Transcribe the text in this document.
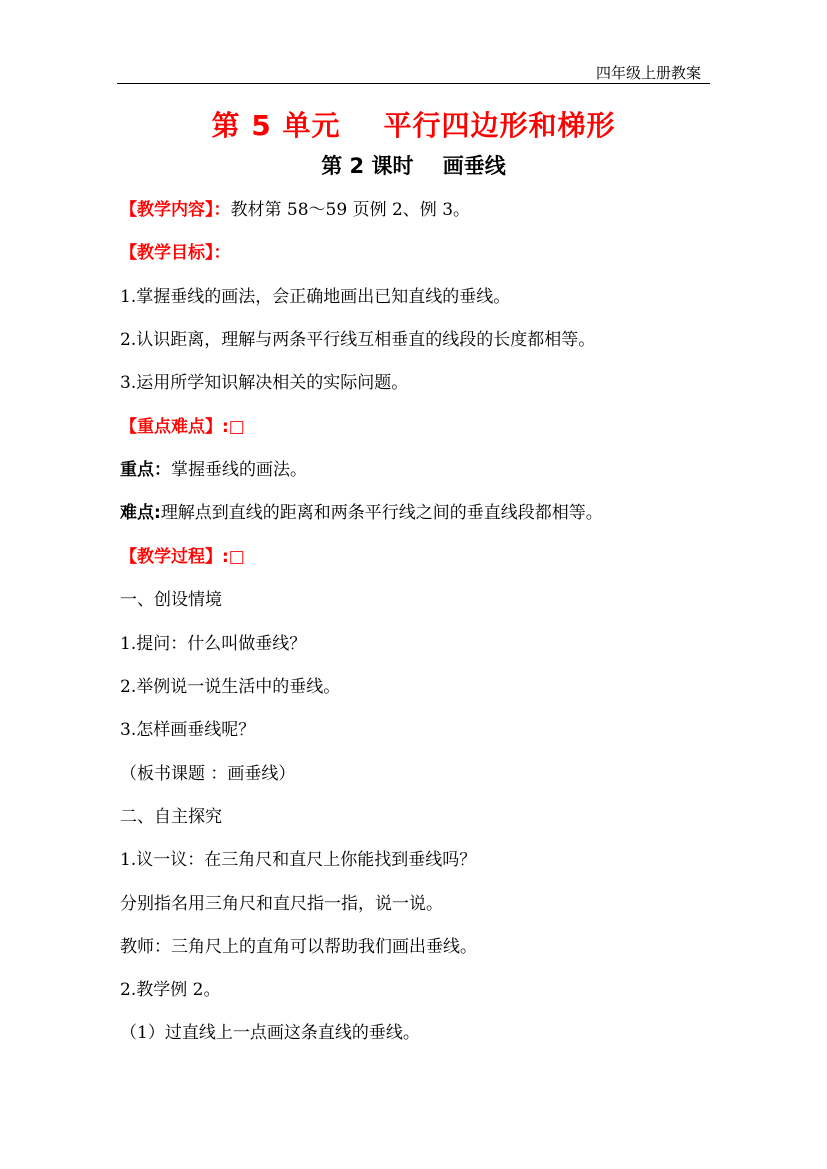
四年级上册教案
第 5 单元    平行四边形和梯形
第 2 课时    画垂线
【教学内容】：教材第 58～59 页例 2、例 3。
【教学目标】：
1.掌握垂线的画法，会正确地画出已知直线的垂线。
2.认识距离，理解与两条平行线互相垂直的线段的长度都相等。
3.运用所学知识解决相关的实际问题。
【重点难点】:□
重点：掌握垂线的画法。
难点:理解点到直线的距离和两条平行线之间的垂直线段都相等。
【教学过程】:□
一、创设情境
1.提问：什么叫做垂线？
2.举例说一说生活中的垂线。
3.怎样画垂线呢？
（板书课题 ：画垂线）
二、自主探究
1.议一议：在三角尺和直尺上你能找到垂线吗？
分别指名用三角尺和直尺指一指，说一说。
教师：三角尺上的直角可以帮助我们画出垂线。
2.教学例 2。
（1）过直线上一点画这条直线的垂线。
